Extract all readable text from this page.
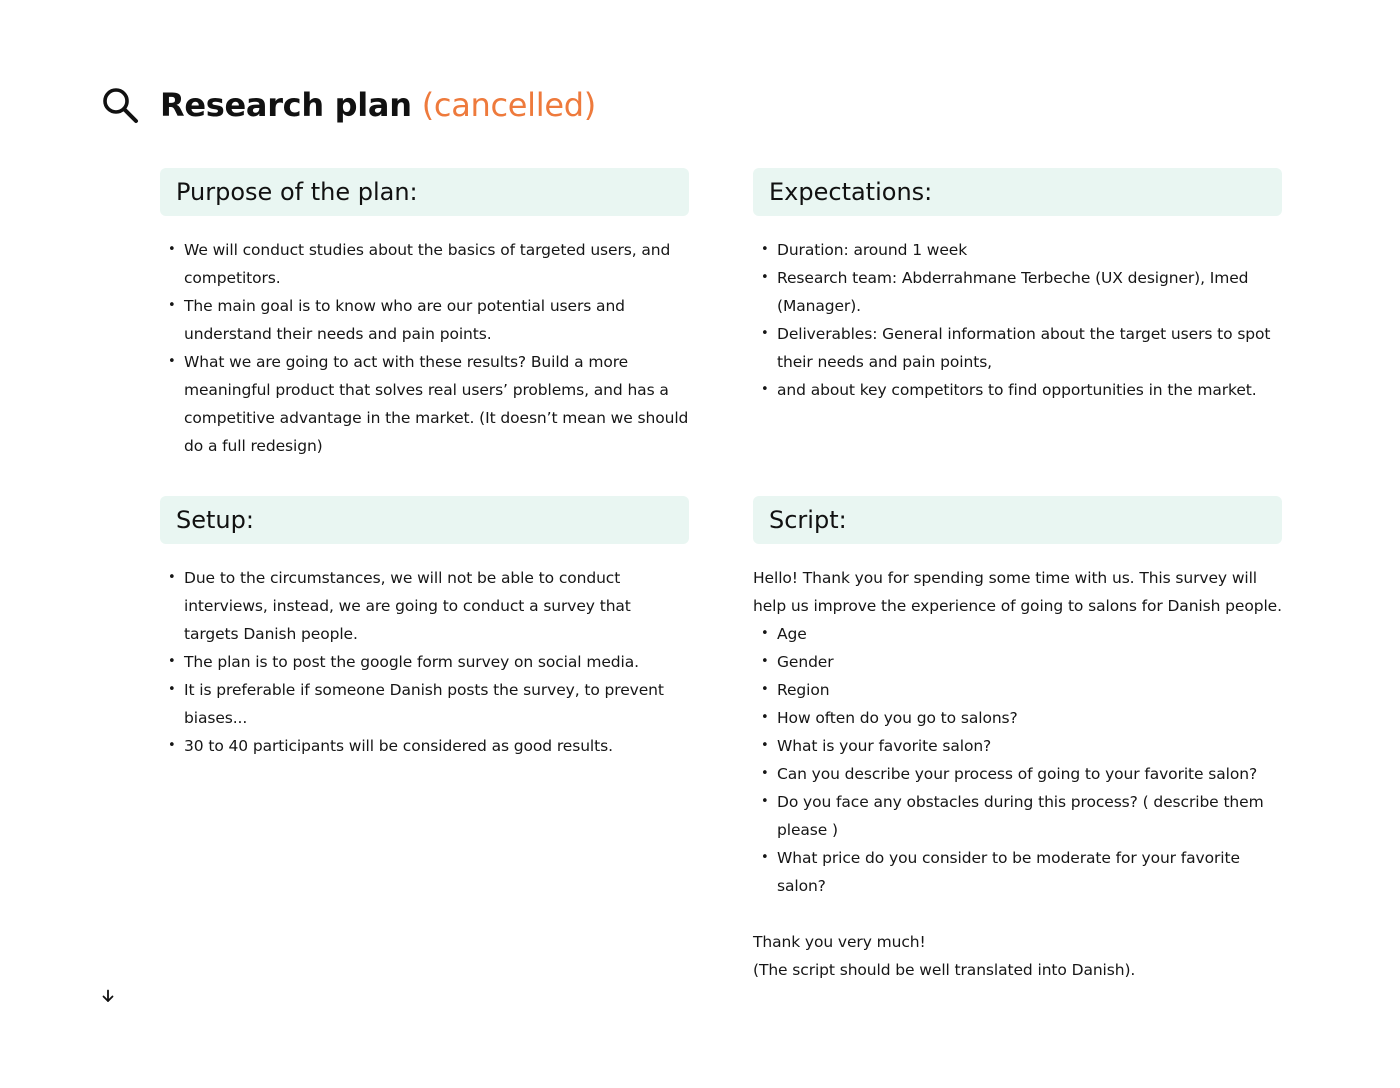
Research plan (cancelled)
Purpose of the plan:
• We will conduct studies about the basics of targeted users, and competitors.
• The main goal is to know who are our potential users and understand their needs and pain points.
• What we are going to act with these results? Build a more meaningful product that solves real users’ problems, and has a competitive advantage in the market. (It doesn’t mean we should do a full redesign)
Expectations:
• Duration: around 1 week
• Research team: Abderrahmane Terbeche (UX designer), Imed (Manager).
• Deliverables: General information about the target users to spot their needs and pain points,
• and about key competitors to find opportunities in the market.
Setup:
• Due to the circumstances, we will not be able to conduct interviews, instead, we are going to conduct a survey that targets Danish people.
• The plan is to post the google form survey on social media.
• It is preferable if someone Danish posts the survey, to prevent biases...
• 30 to 40 participants will be considered as good results.
Script:

Hello! Thank you for spending some time with us. This survey will help us improve the experience of going to salons for Danish people.

• Age
• Gender
• Region
• How often do you go to salons?
• What is your favorite salon?
• Can you describe your process of going to your favorite salon?
• Do you face any obstacles during this process? ( describe them please )
• What price do you consider to be moderate for your favorite salon?

Thank you very much!
(The script should be well translated into Danish).
